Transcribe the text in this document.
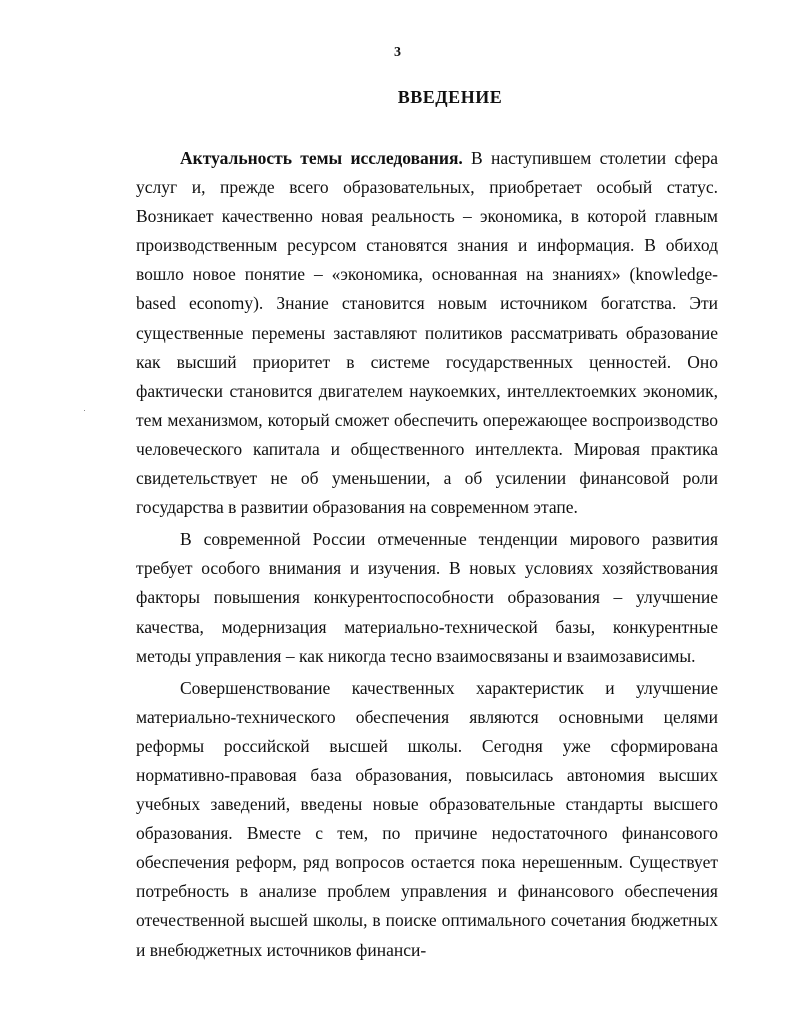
3
ВВЕДЕНИЕ

Актуальность темы исследования. В наступившем столетии сфера услуг и, прежде всего образовательных, приобретает особый статус. Возникает качественно новая реальность – экономика, в которой главным производственным ресурсом становятся знания и информация. В обиход вошло новое понятие – «экономика, основанная на знаниях» (knowledge-based economy). Знание становится новым источником богатства. Эти существенные перемены заставляют политиков рассматривать образование как высший приоритет в системе государственных ценностей. Оно фактически становится двигателем наукоемких, интеллектоемких экономик, тем механизмом, который сможет обеспечить опережающее воспроизводство человеческого капитала и общественного интеллекта. Мировая практика свидетельствует не об уменьшении, а об усилении финансовой роли государства в развитии образования на современном этапе.

В современной России отмеченные тенденции мирового развития требует особого внимания и изучения. В новых условиях хозяйствования факторы повышения конкурентоспособности образования – улучшение качества, модернизация материально-технической базы, конкурентные методы управления – как никогда тесно взаимосвязаны и взаимозависимы.

Совершенствование качественных характеристик и улучшение материально-технического обеспечения являются основными целями реформы российской высшей школы. Сегодня уже сформирована нормативно-правовая база образования, повысилась автономия высших учебных заведений, введены новые образовательные стандарты высшего образования. Вместе с тем, по причине недостаточного финансового обеспечения реформ, ряд вопросов остается пока нерешенным. Существует потребность в анализе проблем управления и финансового обеспечения отечественной высшей школы, в поиске оптимального сочетания бюджетных и внебюджетных источников финанси-
